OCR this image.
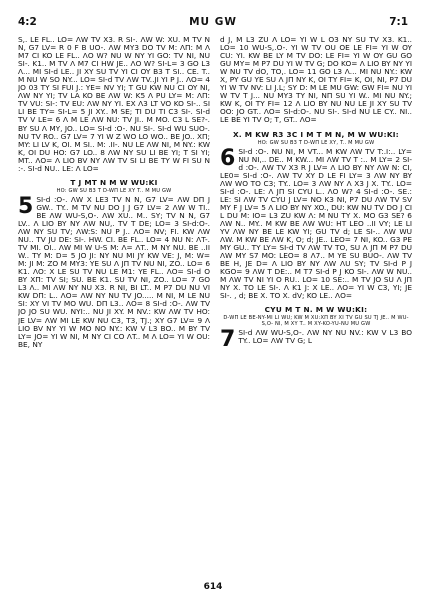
4:2	MU GW	7:1

S,. LE FL.. LO= ΛW TV X3. R SI-. ΛW W: XU. M TV N N, G7 LV= R 0 F B UO-. ΛW MY3 DO TV M: ΛΠ: M Λ M7 CI KO LE FL.. ΛO W? NU W NY YI GO: TV NI, NU SI-. K1.. M TV Λ M7 CI HW JE.. ΛO W? SI-L= 3 GO L3 Λ... MI SI-d LE.. JI XY SU TV YI CI OY B3 T SI.. CE. T.. M NU W SO NY... LO= SI-d TV ΛW TV..JI YI P J.. ΛO= 4 JO 03 TY SI FUI J.: YE= NV YI; T GU KW NU CI OY NI, ΛW NY YI; TV LA KO BE ΛW W: K5 Λ PU LY= M: ΛΠ: TV VU: SI-: TV EU: ΛW NY YI. EX Λ3 LT VO KO SI-.. SI LI BE TY= SI-L= 5 JI XY.. M SE; TI DU TI C3 SI-. SI-d TV V LE= 6 Λ M LE ΛW NU: TV JI.. M MO. C3 L SE?-. BY SU Λ MY, JO.. LO= SI-d :O-. NU SI-. SI-d WU SUO-. NU TV RO.. G7 LV= 7 YI W Z WO LO WO.. BE JO.. XΠ; MY: LI LV K, OI. M SI.. M: .II-. NU LE ΛW NI, M NY.: KW K, OI DU HO: G7 LO.. 8 ΛW NY SU LI BE YI; T SI YI; MT.. ΛO= Λ LIO BV NY ΛW TV SI LI BE TY W FI SU N :-. SI-d NU.. LE: Λ LO=

T J MT N M W WU:KI
HO: GW SU B3 T D-WΠ LE XY T.. M MU GW
5 SI-d :O-. ΛW X LE3 TV N N, G7 LV= ΛW DΠ J GW.. TY.. M TV NU DO J J G7 LV= 2 ΛW W TI.. BE ΛW WU-S,O-. ΛW XU.. M.. SY; TV N N, G7 LV.. Λ LIO BY NY ΛW NU,. TV T DE; LO= 3 SI-d:O-. ΛW NY SU TV; ΛW:S: NU P J.. ΛO= NV; FI. KW ΛW NU.. TV JU DE: SI-. HW. CI. BE FL.. LO= 4 NU N: ΛT-. TV MI. OI.. ΛW MI W U-S M: Λ= ΛT.. M NY NU. BE ..II W.. TY M: D= 5 JO JI: NY NU MI JY KW VE: J, M: W= M: JI M: ZO M MY3: YE SU Λ JΠ TV NU NI, ZO.. LO= 6 K1. ΛO: X LE SU TV NU LE M1: YE FL.. ΛO= SI-d O BY XΠ: TV SI; SU. BE K1. SU TV NI, ZO.. LO= 7 GO L3 Λ.. MI ΛW NY NU X3. R NI, BI LT.. M P7 DU NU VI KW DΠ: L.. ΛO= ΛW NY NU TV JO..... M NI, M LE NU SI: XY VI TV MO WU. DΠ L3.. ΛO= 8 SI-d :O-. ΛW TV JO JO SU WU. NYI:.. NU JI XY. M NV.: KW ΛW TV HO: JE LV= ΛW MI LE KW NU C3, T3, TJ.; XY G7 LV= 9 Λ LIO BV NY YI W MO NO NY.: KW V L3 BO.. M BY TV LY= JO= YI W NI, M NY CI CO ΛT.. M Λ LO= YI W OU: BE, NY

d J, M L3 ZU Λ LO= YI W L O3 NY SU TV X3. K1.. LO= 10 WU-S,.O-. YI W TV OU OE LE FI= YI W OY CU: YI. KW BE LY M TV DO: LE FI= YI W OY GU GO GU MY= M P7 DU YI W TV G; DO KO= Λ LIO BY NY YI W NU TV dO, TO,. LO= 11 GO L3 Λ... MI NU NY.: KW X, PY GU YE SU Λ JΠ NY K, OI TY FI= K, OI, NI, P7 DU YI W TV NV: LI J.L; SY D: M LE MU GW: GW FI= NU YI W TV T J... NU MY3 TY NI, NΠ SU YI W.. MI NU NY.; KW K, OI TY FI= 12 Λ LIO BY NU NU LE JI XY SU TV OO: JO GT.. ΛO= SI-d:O-. NU SI-. SI-d NU LE CY.. NI.. LE BE YI TV O; T, GT.. ΛO=

X. M KW R3 3C I M T M N, M W WU:KI:
HO: GW SU B3 T D-WΠ LE XY, T.. M MU GW
6 SI-d :O-. NU NI, M VT... M KW ΛW TV T:.I:.. LY= NU NI,.. DE.. M KW... MI ΛW TV T :.. M LY= 2 SI-d :O-. ΛW TV X3 R J LV= Λ LIO BY NY ΛW N: CI, LE0= SI-d :O-. ΛW TV XY D LE FI LY= 3 ΛW NY BY ΛW WO TO C3; TY.. LO= 3 ΛW NY Λ X3 J X. TY.. LO= SI-d :O-. LE: Λ JΠ SI CYU L.. ΛO W? 4 SI-d :O-. SE.: LE: SI ΛW TV CYU J LV= NO K3 NI, P7 DU ΛW TV SV MY F J LV= 5 Λ LIO BY NY XO., DU: KW NU TV DO J CI L DU M: IO= L3 ZU KW Λ: M NU TY X. MO G3 SE? 6 ΛW N.. MY.. M KW BE ΛW WU: HT LEO ..II VY; LE LI YV ΛW NY BE LE KW YI; GU TV d; LE SI-.. ΛW WU ΛW. M KW BE ΛW K, O; d; JE.. LEO= 7 NI, KO.. G3 PE MY GU.. TY LY= SI-d TV ΛW TV TO, SU Λ JΠ M P7 DU ΛW MY S7 MO: LEO= 8 Λ7.. M YE SU BUO-. ΛW TV BE H, JE D= Λ LIO BY NY ΛW ΛU SY; TV SI-d P J KGO= 9 ΛW T DE:.. M T7 SI-d P J KO SI-. ΛW W NU.. M ΛW TV NI YI O RU.. LO= 10 SE:.. M TV JO SU Λ JΠ NY X. TO LE SI-. Λ K1 J: X LE.. ΛO= YI W C3, YI; JE SI-. , d; BE X. TO X. dV; KO LE.. ΛO=
CYU M T N. M W WU:KI:
D-WΠ LE BE-NY-MI LI WU; KW M XU:XΠ BY XI TV GU SU TJ JE.. M WU-S,O- NI, M XY T.. M XY-KO-YU-NU MU GW
7 SI-d ΛW WU-S,O-. ΛW NY NU NV.: KW V L3 BO TY.. LO= ΛW TV G; L
614
